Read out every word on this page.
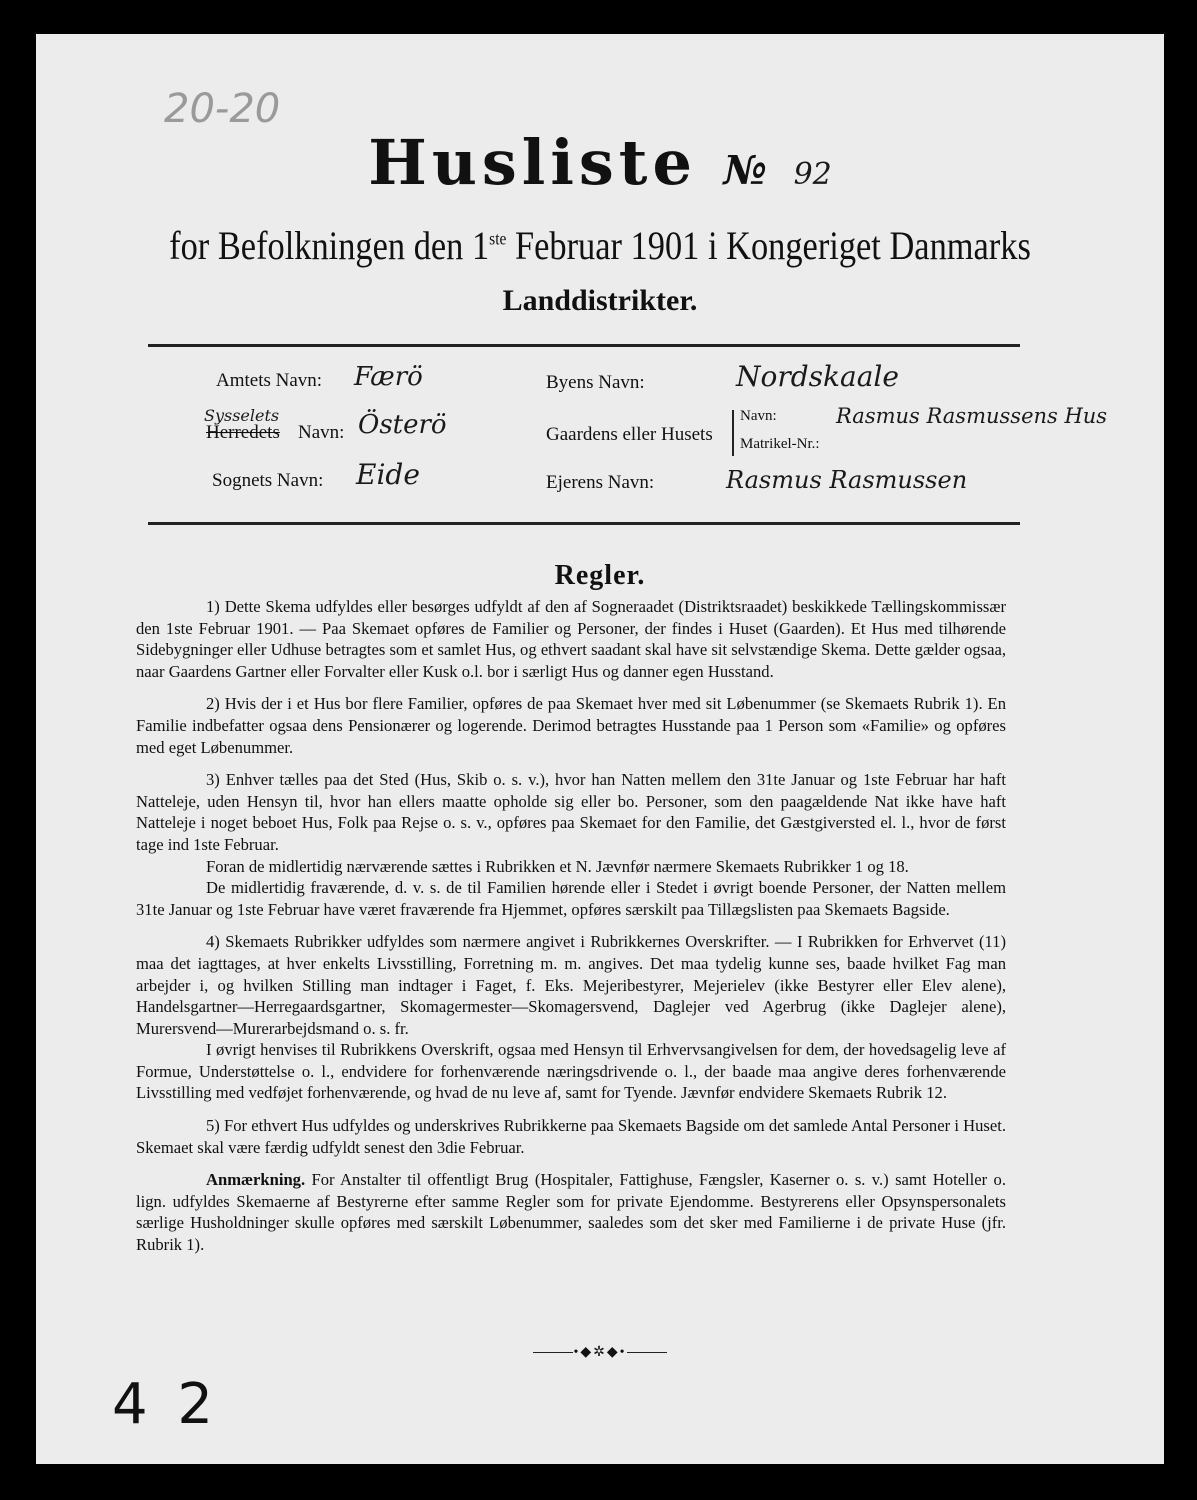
20-20
Husliste № 92
for Befolkningen den 1ste Februar 1901 i Kongeriget Danmarks
Landdistrikter.
Amtets Navn: Færö
Sysselets
Herredets Navn: Österö
Sognets Navn: Eide
Byens Navn:	Nordskaale
Gaardens eller Husets
Navn:	Rasmus Rasmussens Hus
Matrikel-Nr.:
Ejerens Navn:	Rasmus Rasmussen
Regler.

1) Dette Skema udfyldes eller besørges udfyldt af den af Sogneraadet (Distriktsraadet) beskikkede Tællingskommissær den 1ste Februar 1901. — Paa Skemaet opføres de Familier og Personer, der findes i Huset (Gaarden). Et Hus med tilhørende Sidebygninger eller Udhuse betragtes som et samlet Hus, og ethvert saadant skal have sit selvstændige Skema. Dette gælder ogsaa, naar Gaardens Gartner eller Forvalter eller Kusk o.l. bor i særligt Hus og danner egen Husstand.

2) Hvis der i et Hus bor flere Familier, opføres de paa Skemaet hver med sit Løbenummer (se Skemaets Rubrik 1). En Familie indbefatter ogsaa dens Pensionærer og logerende. Derimod betragtes Husstande paa 1 Person som «Familie» og opføres med eget Løbenummer.

3) Enhver tælles paa det Sted (Hus, Skib o. s. v.), hvor han Natten mellem den 31te Januar og 1ste Februar har haft Natteleje, uden Hensyn til, hvor han ellers maatte opholde sig eller bo. Personer, som den paagældende Nat ikke have haft Natteleje i noget beboet Hus, Folk paa Rejse o. s. v., opføres paa Skemaet for den Familie, det Gæstgiversted el. l., hvor de først tage ind 1ste Februar.

Foran de midlertidig nærværende sættes i Rubrikken et N. Jævnfør nærmere Skemaets Rubrikker 1 og 18.

De midlertidig fraværende, d. v. s. de til Familien hørende eller i Stedet i øvrigt boende Personer, der Natten mellem 31te Januar og 1ste Februar have været fraværende fra Hjemmet, opføres særskilt paa Tillægslisten paa Skemaets Bagside.

4) Skemaets Rubrikker udfyldes som nærmere angivet i Rubrikkernes Overskrifter. — I Rubrikken for Erhvervet (11) maa det iagttages, at hver enkelts Livsstilling, Forretning m. m. angives. Det maa tydelig kunne ses, baade hvilket Fag man arbejder i, og hvilken Stilling man indtager i Faget, f. Eks. Mejeribestyrer, Mejerielev (ikke Bestyrer eller Elev alene), Handelsgartner—Herregaardsgartner, Skomagermester—Skomagersvend, Daglejer ved Agerbrug (ikke Daglejer alene), Murersvend—Murerarbejdsmand o. s. fr.

I øvrigt henvises til Rubrikkens Overskrift, ogsaa med Hensyn til Erhvervsangivelsen for dem, der hovedsagelig leve af Formue, Understøttelse o. l., endvidere for forhenværende næringsdrivende o. l., der baade maa angive deres forhenværende Livsstilling med vedføjet forhenværende, og hvad de nu leve af, samt for Tyende. Jævnfør endvidere Skemaets Rubrik 12.

5) For ethvert Hus udfyldes og underskrives Rubrikkerne paa Skemaets Bagside om det samlede Antal Personer i Huset. Skemaet skal være færdig udfyldt senest den 3die Februar.

Anmærkning. For Anstalter til offentligt Brug (Hospitaler, Fattighuse, Fængsler, Kaserner o. s. v.) samt Hoteller o. lign. udfyldes Skemaerne af Bestyrerne efter samme Regler som for private Ejendomme. Bestyrerens eller Opsynspersonalets særlige Husholdninger skulle opføres med særskilt Løbenummer, saaledes som det sker med Familierne i de private Huse (jfr. Rubrik 1).

•◆✲◆•
4 2
